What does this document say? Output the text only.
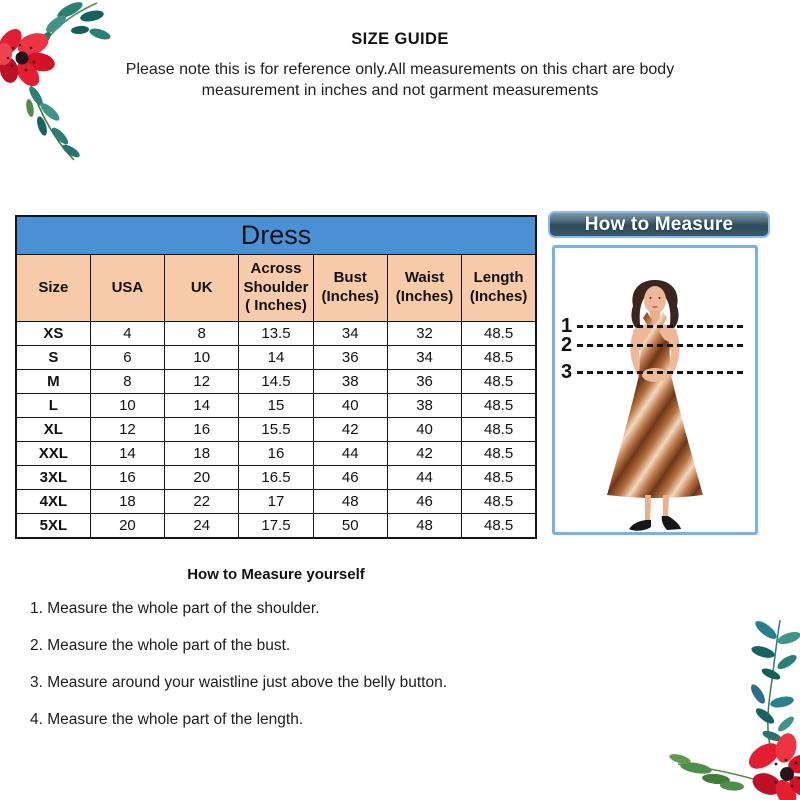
SIZE GUIDE
Please note this is for reference only.All measurements on this chart are body measurement in inches and not garment measurements
Dress						
Size	USA	UK	Across Shoulder ( Inches)	Bust (Inches)	Waist (Inches)	Length (Inches)
XS	4	8	13.5	34	32	48.5
S	6	10	14	36	34	48.5
M	8	12	14.5	38	36	48.5
L	10	14	15	40	38	48.5
XL	12	16	15.5	42	40	48.5
XXL	14	18	16	44	42	48.5
3XL	16	20	16.5	46	44	48.5
4XL	18	22	17	48	46	48.5
5XL	20	24	17.5	50	48	48.5
How to Measure
1
2
3
How to Measure yourself
1. Measure the whole part of the shoulder.
2. Measure the whole part of the bust.
3. Measure around your waistline just above the belly button.
4. Measure the whole part of the length.
